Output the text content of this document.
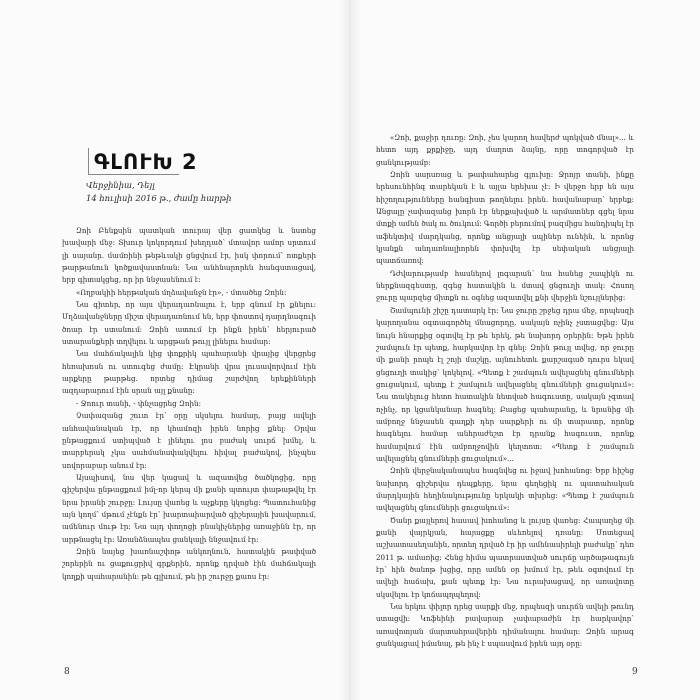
ԳԼՈՒԽ 2
Վերջինիա, Դեյլ
14 հուլիսի 2016 թ., ժամը հարթի

Զոի Բենքսին պատկան տուրայ վեր ցատկեց և նստեց խավարի մեջ: Տխուր կոկորդում խեղդած՝ մտավոր ամոր սրտում լի սայանր. մամռինի թեթևակի ցնցվում էր, իսկ փորում՝ ոտքերի թարթանուն կոծքավաստնան: Նա անհնարորեն հանգստացավ, երբ գիտակցեց, որ իր ննջասենում է:

«Ողբակիի հերթական մղձավանջն էր», - մտածեց Զոին:

Նա գիտեր, որ այս վերադառնալու է, երբ գնում էր քնելու: Մղձավանջները միշտ վերադառնում են, երբ փոստով դարդնագուի ծոար էր ստանում: Զոին ատում էր ինքն իրեն՝ հերյուրած ստարանքերի տղվելու և արցթան թույլ լինելու համար:

Նա մահճակալին կից փոքրիկ պահարանի վրայից վերցրեց հեռախոսն ու ստուգեց ժամը: Էկրանի վրա լուսավորվում էին արքերը թարթեց. որտեց դիմաց շարժվող երեքինների ազդարարում էին սրան այլ քնանը:

- Ջոուր տանի, - փնչացրեց Զոին:

Չափազանց շուտ էր՝ օրը սկսելու համար, բայց ավելի անհավանական էր, որ կհամոզի իրեն նորից քնել: Օրվա ընթացքում ստիպված է լինելու լոս բաժակ սուրճ խմել, և տարբերակ չկա սահմանափակվելու հիվալ բաժակով, ինչպես սովորաբար անում էր:

Այսպիսով, նա վեր կացավ և ազատվեց ծածկոցից, որը գիշերվա ընթացքում իմլ-որ կերպ մի քանի պտույտ փաթաթվել էր նրա իրանի շուրջը: Լույսը վառեց և աչքերը կկոցեց: Պատուհանից այն կողմ՝ մթում չէնքն էր՝ խարտաիարված գիշերային խավարում, ամենուր մութ էր: Նա այդ փողոցի բնակիչներից առաջինն էր, որ արթնացել էր: Առանձնապես ցանկալի ննջավում էր:

Զոին նայեց խառնաշփոթ անկողնուն, հատակին թափված շորերին ու ցաքուցրիվ գրքերին, որոնք դրված էին մահճակալի կողքի պահարանին: թե գլխում, թե իր շուրջը քաոս էր:

8

«Զոի, քաջիր դուռը: Զոի, չես կարող հավերժ պոկված մնալ»... և հետո այդ քրքիջը, այդ մաղոտ ձայնը, որը տոգորված էր ցանկությամբ:

Զոին սարսռաց և թափահարեց գլուխը: Ջրոյր տանի, ինքը երեսունհինգ տարեկան է և այլա երեխա չէ: Ի վերջո երբ են այս հիշողությունները հանգիստ թողնելու իրեն. հավանաբար՝ երբեք: Անցալը չափազանց խորն էր ներքախված և արմատներ գցել նրա մտքի ամեն ծակ ու ծուկում: Գործի բերումով բազմիցս հանդիպել էր աֆեկտիվ մարդկանց, որոնք անցյալի սպիներ ունեին, և որոնց կյանքն անդառնալիորեն փոխվել էր սեփական անցյալի պատճառով:

Դժվարությամբ հասնելով լոգարան՝ նա հանեց շապիկն ու ներքնազգեստը, զգեց հատակին և մտավ ցնցուղի տակ: Հոսող ջուրը պարզեց միտքն ու օգնեց ազատվել քնի վերջին նշույլներից:

Շամպունի շիշը դատարկ էր: Նա ջուրը շրջեց դրա մեջ, որպեսզի կարողանա օգտագործել մնացորդը, սակայն ոչինչ չստացվեց: Այս նույն հնարքից օգտվել էր թե երեկ, թե նախորդ օրերին: Եթե իրեն շամպուն էր պետք, հարկավոր էր գնել: Զոին թույլ տվեց, որ ջուրը մի քանի րոպե էլ շոյի մաշկը, այնուհետև քարշագած դուրս եկավ ցնցուղի տակից՝ կոկելով. «Պետք է շամպուն ավելացնել գնումների ցուցակում, պետք է շամպուն ավելացնել գնումների ցուցակում»: Նա տակելուց հետո հատակին նետված հագուստը, սակայն չգտավ ոչինչ, որ կցանկանար հագնել: Բացեց պահարանը, և նրանից մի ամբողջ ննջասեն գաղքի դեր սարքերի ու մի տարատր, որոնք հագնելու համար անհրաժեշտ էր դրանք հագուստ, որոնք համարվում էին ամբողջովին կեղտոտ: «Պետք է շամպուն ավելացնել գնումների ցուցակում»...

Զոին վերջնականապես հագնվեց ու իջավ խոհանոց: Երբ հիշեց նախորդ գիշերվա դեպքերը, նրա գեղեցիկ ու պատահական մարդկային հեղինակությունը երկակի տխրեց: «Պետք է շամպուն ավելացնել գնումների ցուցակում»:

Ծանր քայլերով հասավ խոհանոց և լույսը վառեց: Հապաղեց մի քանի վայրկյան, հայացքը սևեռելով դռանը: Մոտեցավ աշխատասեղանին, որտեղ դրված էր իր ամենասիրելի բաժակը՝ դեռ 2011 թ. ամառից: Հենց հիմա պատրաստված սուրճը արծաթագույն էր՝ հին ծանոթ խցից, որը ամեն օր խմում էր, թեև օգտվում էր ավելի հաճախ, քան պետք էր: Նա ուրախացավ, որ առավոտը սկսվելու էր կոճապղպեղով:

Նա երկու փիլոր դրեց սարքի մեջ, որպեսզի սուրճն ավելի թունդ ստացվի: Կոֆեինի բավարար չափաբաժին էր հարկավոր՝ առավոտյան մարտահրավերին դիմանալու համար: Զոին արագ ցանկացավ իմանալ, թե ինչ է սպասվում իրեն այդ օրը:

9
